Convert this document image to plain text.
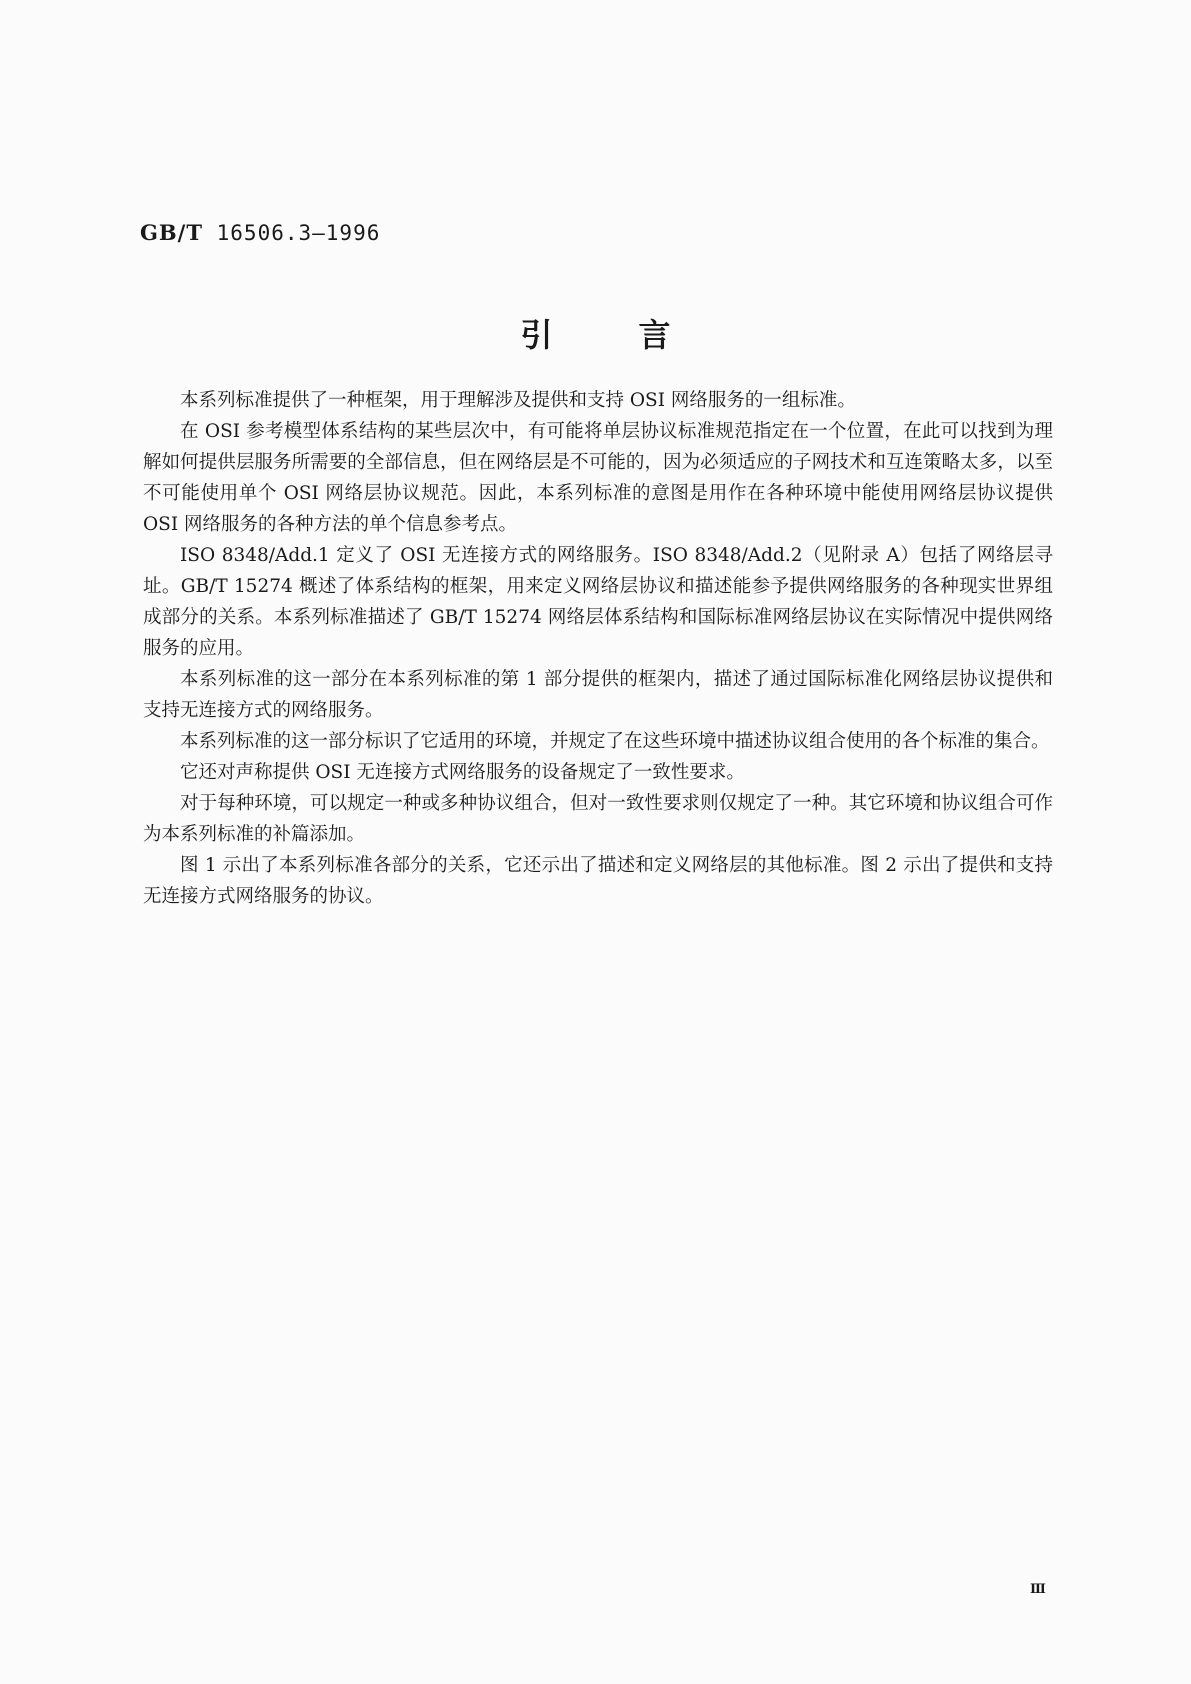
GB/T 16506.3—1996
引言

本系列标准提供了一种框架，用于理解涉及提供和支持 OSI 网络服务的一组标准。

在 OSI 参考模型体系结构的某些层次中，有可能将单层协议标准规范指定在一个位置，在此可以找到为理解如何提供层服务所需要的全部信息，但在网络层是不可能的，因为必须适应的子网技术和互连策略太多，以至不可能使用单个 OSI 网络层协议规范。因此，本系列标准的意图是用作在各种环境中能使用网络层协议提供 OSI 网络服务的各种方法的单个信息参考点。

ISO 8348/Add.1 定义了 OSI 无连接方式的网络服务。ISO 8348/Add.2（见附录 A）包括了网络层寻址。GB/T 15274 概述了体系结构的框架，用来定义网络层协议和描述能参予提供网络服务的各种现实世界组成部分的关系。本系列标准描述了 GB/T 15274 网络层体系结构和国际标准网络层协议在实际情况中提供网络服务的应用。

本系列标准的这一部分在本系列标准的第 1 部分提供的框架内，描述了通过国际标准化网络层协议提供和支持无连接方式的网络服务。

本系列标准的这一部分标识了它适用的环境，并规定了在这些环境中描述协议组合使用的各个标准的集合。

它还对声称提供 OSI 无连接方式网络服务的设备规定了一致性要求。

对于每种环境，可以规定一种或多种协议组合，但对一致性要求则仅规定了一种。其它环境和协议组合可作为本系列标准的补篇添加。

图 1 示出了本系列标准各部分的关系，它还示出了描述和定义网络层的其他标准。图 2 示出了提供和支持无连接方式网络服务的协议。

Ⅲ
